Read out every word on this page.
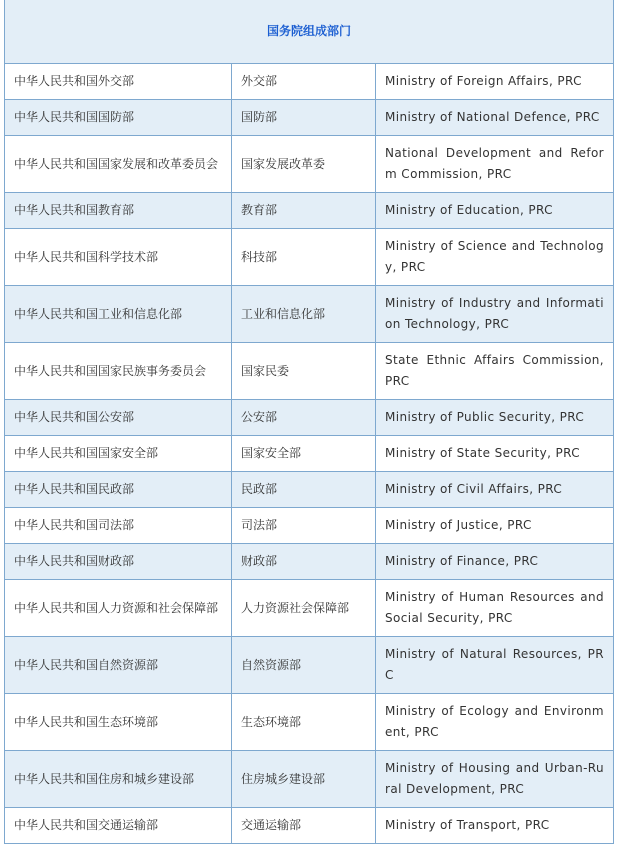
国务院组成部门		
中华人民共和国外交部	外交部	Ministry of Foreign Affairs, PRC
中华人民共和国国防部	国防部	Ministry of National Defence, PRC
中华人民共和国国家发展和改革委员会	国家发展改革委	National Development and Reform Commission, PRC
中华人民共和国教育部	教育部	Ministry of Education, PRC
中华人民共和国科学技术部	科技部	Ministry of Science and Technology, PRC
中华人民共和国工业和信息化部	工业和信息化部	Ministry of Industry and Information Technology, PRC
中华人民共和国国家民族事务委员会	国家民委	State Ethnic Affairs Commission, PRC
中华人民共和国公安部	公安部	Ministry of Public Security, PRC
中华人民共和国国家安全部	国家安全部	Ministry of State Security, PRC
中华人民共和国民政部	民政部	Ministry of Civil Affairs, PRC
中华人民共和国司法部	司法部	Ministry of Justice, PRC
中华人民共和国财政部	财政部	Ministry of Finance, PRC
中华人民共和国人力资源和社会保障部	人力资源社会保障部	Ministry of Human Resources and Social Security, PRC
中华人民共和国自然资源部	自然资源部	Ministry of Natural Resources, PRC
中华人民共和国生态环境部	生态环境部	Ministry of Ecology and Environment, PRC
中华人民共和国住房和城乡建设部	住房城乡建设部	Ministry of Housing and Urban-Rural Development, PRC
中华人民共和国交通运输部	交通运输部	Ministry of Transport, PRC
